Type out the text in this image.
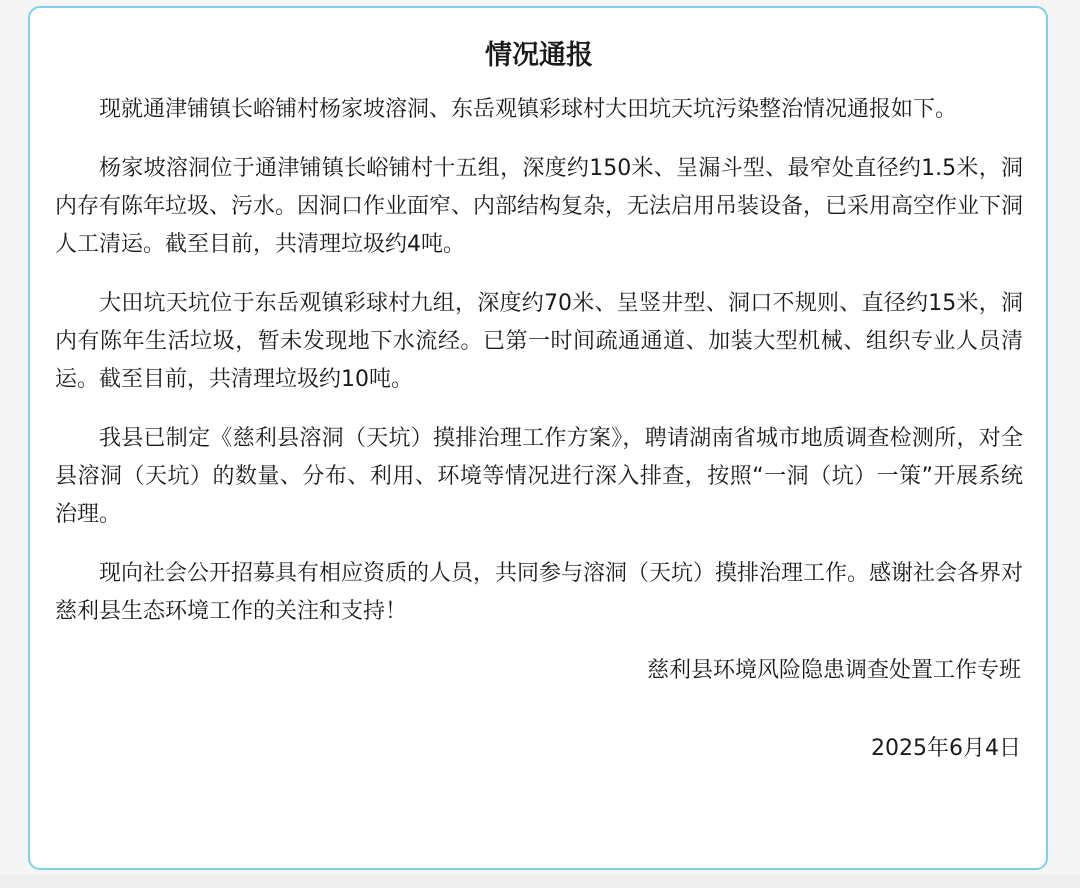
情况通报

现就通津铺镇长峪铺村杨家坡溶洞、东岳观镇彩球村大田坑天坑污染整治情况通报如下。

杨家坡溶洞位于通津铺镇长峪铺村十五组，深度约150米、呈漏斗型、最窄处直径约1.5米，洞内存有陈年垃圾、污水。因洞口作业面窄、内部结构复杂，无法启用吊装设备，已采用高空作业下洞人工清运。截至目前，共清理垃圾约4吨。

大田坑天坑位于东岳观镇彩球村九组，深度约70米、呈竖井型、洞口不规则、直径约15米，洞内有陈年生活垃圾，暂未发现地下水流经。已第一时间疏通通道、加装大型机械、组织专业人员清运。截至目前，共清理垃圾约10吨。

我县已制定《慈利县溶洞（天坑）摸排治理工作方案》，聘请湖南省城市地质调查检测所，对全县溶洞（天坑）的数量、分布、利用、环境等情况进行深入排查，按照“一洞（坑）一策”开展系统治理。

现向社会公开招募具有相应资质的人员，共同参与溶洞（天坑）摸排治理工作。感谢社会各界对慈利县生态环境工作的关注和支持！

慈利县环境风险隐患调查处置工作专班
2025年6月4日
